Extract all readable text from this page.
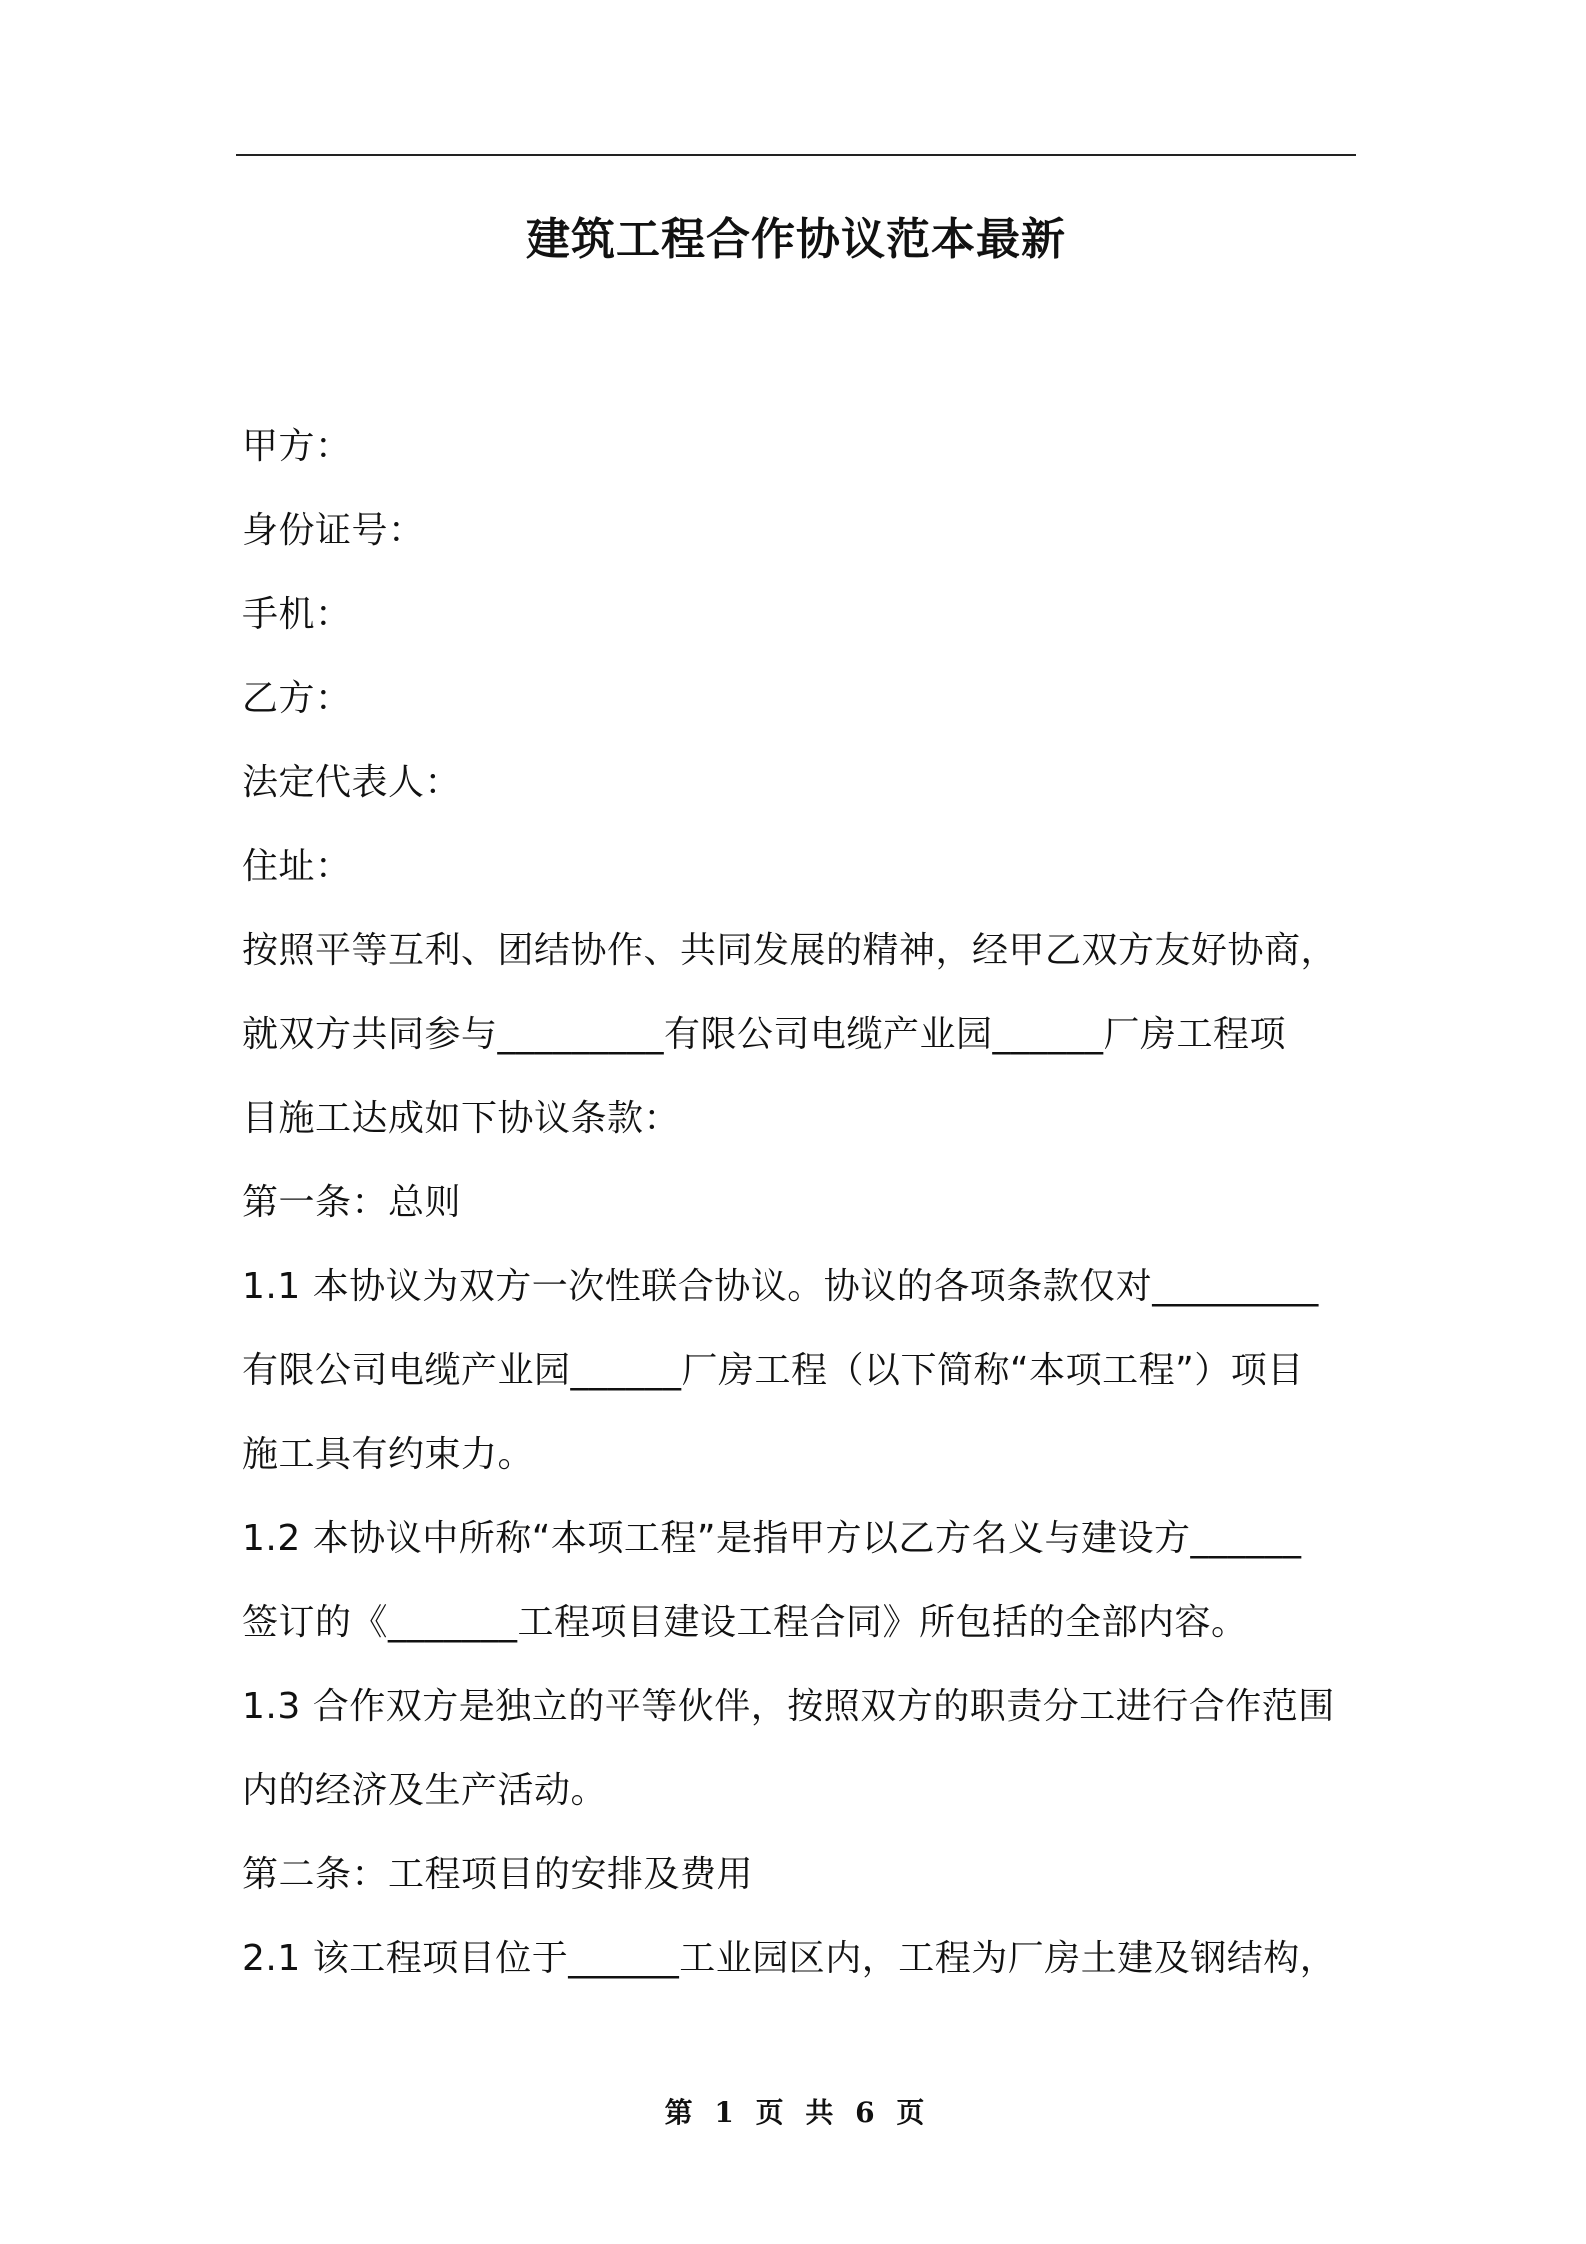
建筑工程合作协议范本最新
甲方：
身份证号：
手机：
乙方：
法定代表人：
住址：
按照平等互利、团结协作、共同发展的精神，经甲乙双方友好协商，
就双方共同参与_________有限公司电缆产业园______厂房工程项
目施工达成如下协议条款：
第一条：总则
1.1 本协议为双方一次性联合协议。协议的各项条款仅对_________
有限公司电缆产业园______厂房工程（以下简称“本项工程”）项目
施工具有约束力。
1.2 本协议中所称“本项工程”是指甲方以乙方名义与建设方______
签订的《_______工程项目建设工程合同》所包括的全部内容。
1.3 合作双方是独立的平等伙伴，按照双方的职责分工进行合作范围
内的经济及生产活动。
第二条：工程项目的安排及费用
2.1 该工程项目位于______工业园区内，工程为厂房土建及钢结构，
第 1 页 共 6 页
